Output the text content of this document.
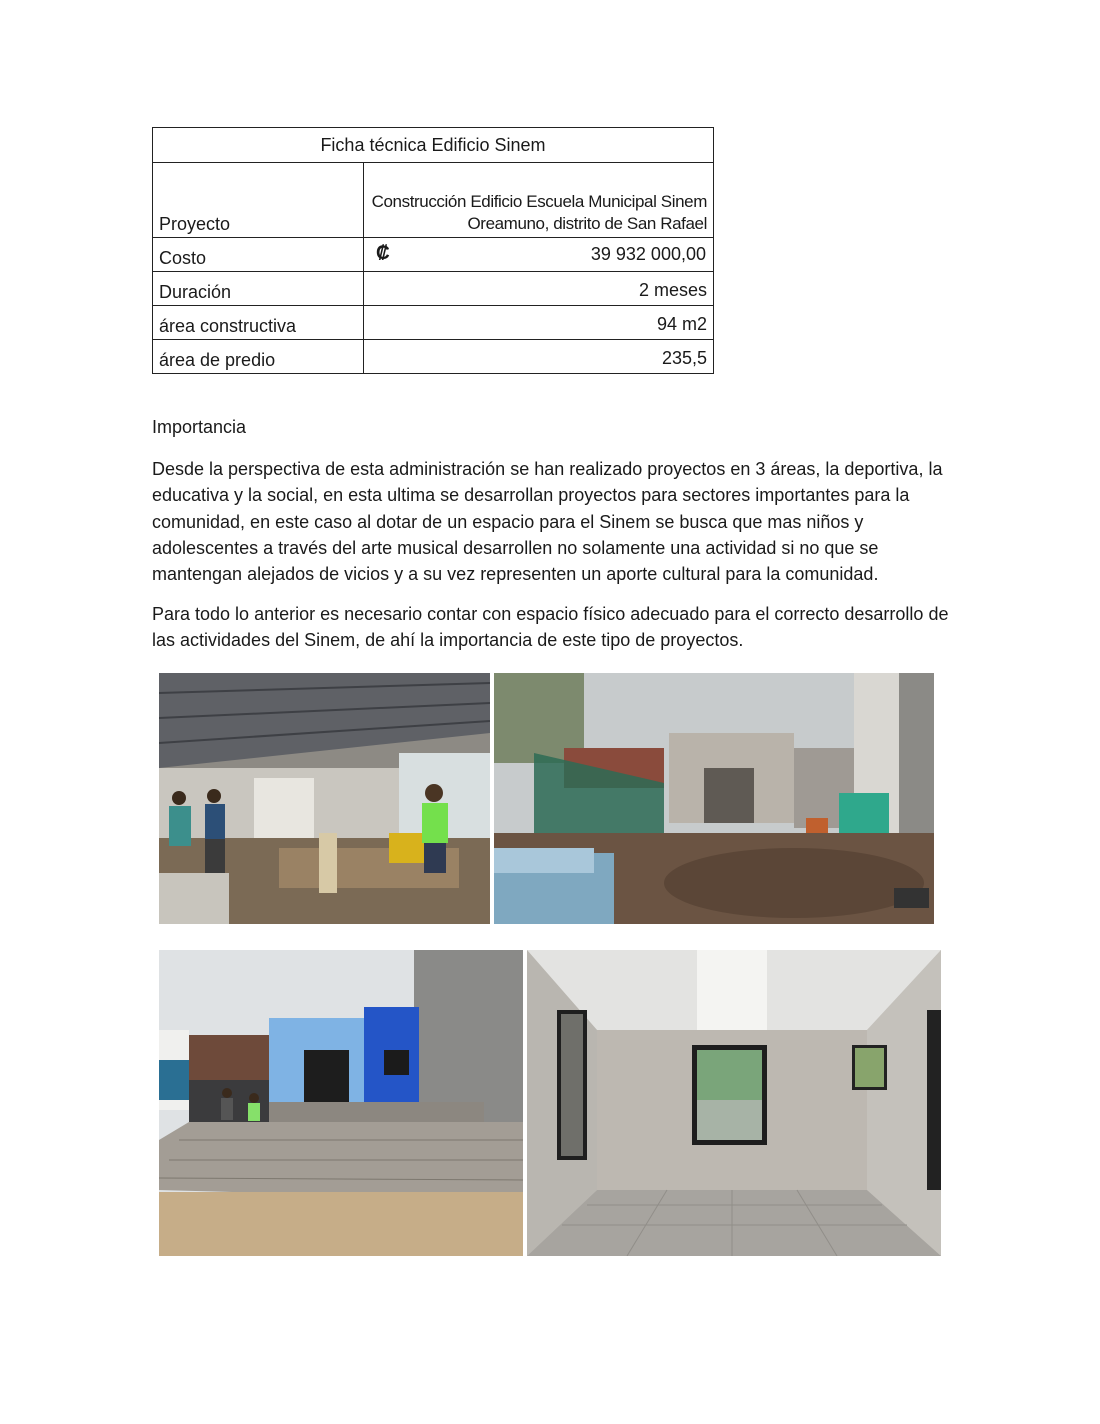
Ficha técnica Edificio Sinem	
Proyecto	Construcción Edificio Escuela Municipal Sinem
Oreamuno, distrito de San Rafael

Costo	₡ 39 932 000,00

Duración	2 meses
área constructiva	94 m2
área de predio	235,5
Importancia

Desde la perspectiva de esta administración se han realizado proyectos en 3 áreas, la deportiva, la educativa y la social, en esta ultima se desarrollan proyectos para sectores importantes para la comunidad, en este caso al dotar de un espacio para el Sinem se busca que mas niños y adolescentes a través del arte musical desarrollen no solamente una actividad si no que se mantengan alejados de vicios y a su vez representen un aporte cultural para la comunidad.

Para todo lo anterior es necesario contar con espacio físico adecuado para el correcto desarrollo de las actividades del Sinem, de ahí la importancia de este tipo de proyectos.
